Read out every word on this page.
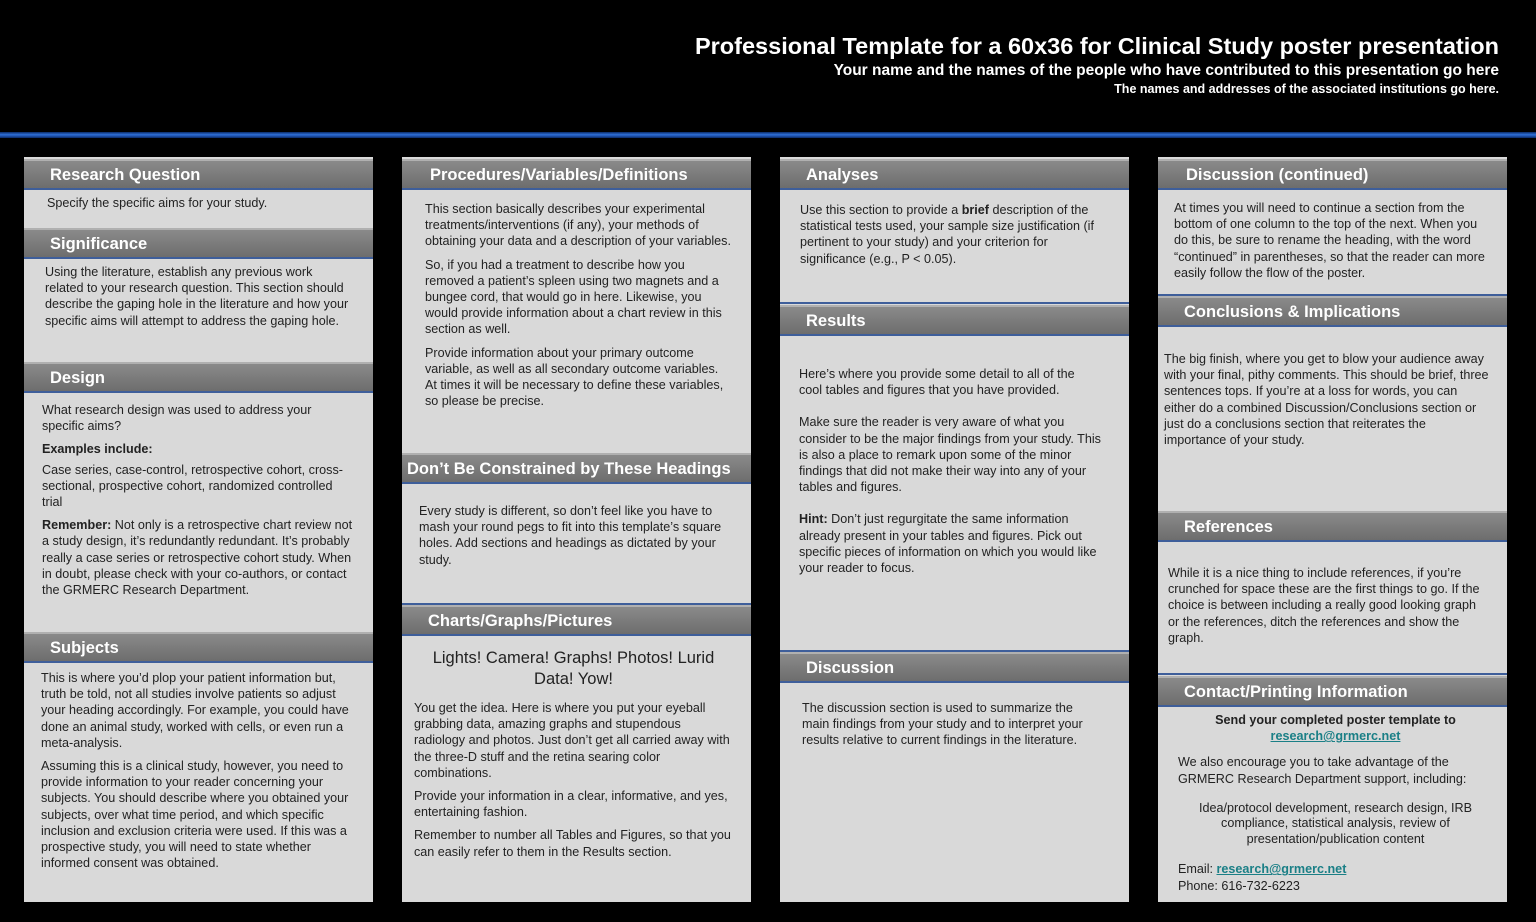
Professional Template for a 60x36 for Clinical Study poster presentation
Your name and the names of the people who have contributed to this presentation go here
The names and addresses of the associated institutions go here.
Research Question

Specify the specific aims for your study.

Significance

Using the literature, establish any previous work related to your research question. This section should describe the gaping hole in the literature and how your specific aims will attempt to address the gaping hole.

Design

What research design was used to address your specific aims?

Examples include:

Case series, case-control, retrospective cohort, cross-sectional, prospective cohort, randomized controlled trial

Remember: Not only is a retrospective chart review not a study design, it’s redundantly redundant. It’s probably really a case series or retrospective cohort study. When in doubt, please check with your co-authors, or contact the GRMERC Research Department.

Subjects

This is where you’d plop your patient information but, truth be told, not all studies involve patients so adjust your heading accordingly. For example, you could have done an animal study, worked with cells, or even run a meta-analysis.

Assuming this is a clinical study, however, you need to provide information to your reader concerning your subjects. You should describe where you obtained your subjects, over what time period, and which specific inclusion and exclusion criteria were used. If this was a prospective study, you will need to state whether informed consent was obtained.

Procedures/Variables/Definitions

This section basically describes your experimental treatments/interventions (if any), your methods of obtaining your data and a description of your variables.

So, if you had a treatment to describe how you removed a patient’s spleen using two magnets and a bungee cord, that would go in here. Likewise, you would provide information about a chart review in this section as well.

Provide information about your primary outcome variable, as well as all secondary outcome variables. At times it will be necessary to define these variables, so please be precise.

Don’t Be Constrained by These Headings

Every study is different, so don’t feel like you have to mash your round pegs to fit into this template’s square holes. Add sections and headings as dictated by your study.

Charts/Graphs/Pictures

Lights! Camera! Graphs! Photos! Lurid Data! Yow!

You get the idea. Here is where you put your eyeball grabbing data, amazing graphs and stupendous radiology and photos. Just don’t get all carried away with the three-D stuff and the retina searing color combinations.

Provide your information in a clear, informative, and yes, entertaining fashion.

Remember to number all Tables and Figures, so that you can easily refer to them in the Results section.

Analyses

Use this section to provide a brief description of the statistical tests used, your sample size justification (if pertinent to your study) and your criterion for significance (e.g., P < 0.05).

Results

Here’s where you provide some detail to all of the cool tables and figures that you have provided.

Make sure the reader is very aware of what you consider to be the major findings from your study. This is also a place to remark upon some of the minor findings that did not make their way into any of your tables and figures.

Hint: Don’t just regurgitate the same information already present in your tables and figures. Pick out specific pieces of information on which you would like your reader to focus.

Discussion

The discussion section is used to summarize the main findings from your study and to interpret your results relative to current findings in the literature.

Discussion (continued)

At times you will need to continue a section from the bottom of one column to the top of the next. When you do this, be sure to rename the heading, with the word “continued” in parentheses, so that the reader can more easily follow the flow of the poster.

Conclusions & Implications

The big finish, where you get to blow your audience away with your final, pithy comments. This should be brief, three sentences tops. If you’re at a loss for words, you can either do a combined Discussion/Conclusions section or just do a conclusions section that reiterates the importance of your study.

References

While it is a nice thing to include references, if you’re crunched for space these are the first things to go. If the choice is between including a really good looking graph or the references, ditch the references and show the graph.

Contact/Printing Information

Send your completed poster template to

research@grmerc.net

We also encourage you to take advantage of the GRMERC Research Department support, including:

Idea/protocol development, research design, IRB compliance, statistical analysis, review of presentation/publication content

Email: research@grmerc.net

Phone: 616-732-6223
